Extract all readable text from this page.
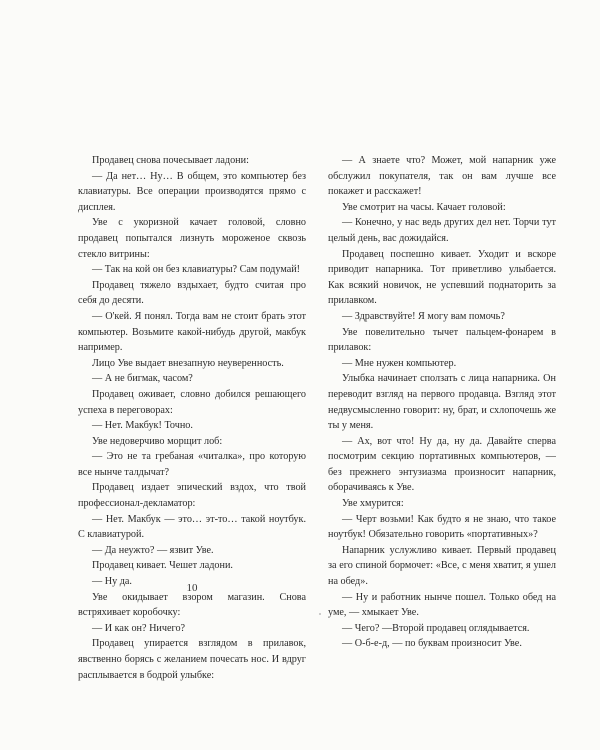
Продавец снова почесывает ладони:

— Да нет… Ну… В общем, это компьютер без клавиатуры. Все операции производятся прямо с дисплея.

Уве с укоризной качает головой, словно продавец попытался лизнуть мороженое сквозь стекло витрины:

— Так на кой он без клавиатуры? Сам подумай!

Продавец тяжело вздыхает, будто считая про себя до десяти.

— О'кей. Я понял. Тогда вам не стоит брать этот компьютер. Возьмите какой-нибудь другой, макбук например.

Лицо Уве выдает внезапную неуверенность.

— А не бигмак, часом?

Продавец оживает, словно добился решающего успеха в переговорах:

— Нет. Макбук! Точно.

Уве недоверчиво морщит лоб:

— Это не та гребаная «читалка», про которую все нынче талдычат?

Продавец издает эпический вздох, что твой профессионал-декламатор:

— Нет. Макбук — это… эт-то… такой ноутбук. С клавиатурой.

— Да неужто? — язвит Уве.

Продавец кивает. Чешет ладони.

— Ну да.

Уве окидывает взором магазин. Снова встряхивает коробочку:

— И как он? Ничего?

Продавец упирается взглядом в прилавок, явственно борясь с желанием почесать нос. И вдруг расплывается в бодрой улыбке:

— А знаете что? Может, мой напарник уже обслужил покупателя, так он вам лучше все покажет и расскажет!

Уве смотрит на часы. Качает головой:

— Конечно, у нас ведь других дел нет. Торчи тут целый день, вас дожидайся.

Продавец поспешно кивает. Уходит и вскоре приводит напарника. Тот приветливо улыбается. Как всякий новичок, не успевший поднаторить за прилавком.

— Здравствуйте! Я могу вам помочь?

Уве повелительно тычет пальцем-фонарем в прилавок:

— Мне нужен компьютер.

Улыбка начинает сползать с лица напарника. Он переводит взгляд на первого продавца. Взгляд этот недвусмысленно говорит: ну, брат, и схлопочешь же ты у меня.

— Ах, вот что! Ну да, ну да. Давайте сперва посмотрим секцию портативных компьютеров, — без прежнего энтузиазма произносит напарник, оборачиваясь к Уве.

Уве хмурится:

— Черт возьми! Как будто я не знаю, что такое ноутбук! Обязательно говорить «портативных»?

Напарник услужливо кивает. Первый продавец за его спиной бормочет: «Все, с меня хватит, я ушел на обед».

— Ну и работник нынче пошел. Только обед на уме, — хмыкает Уве.

— Чего? —Второй продавец оглядывается.

— О-б-е-д, — по буквам произносит Уве.

10
